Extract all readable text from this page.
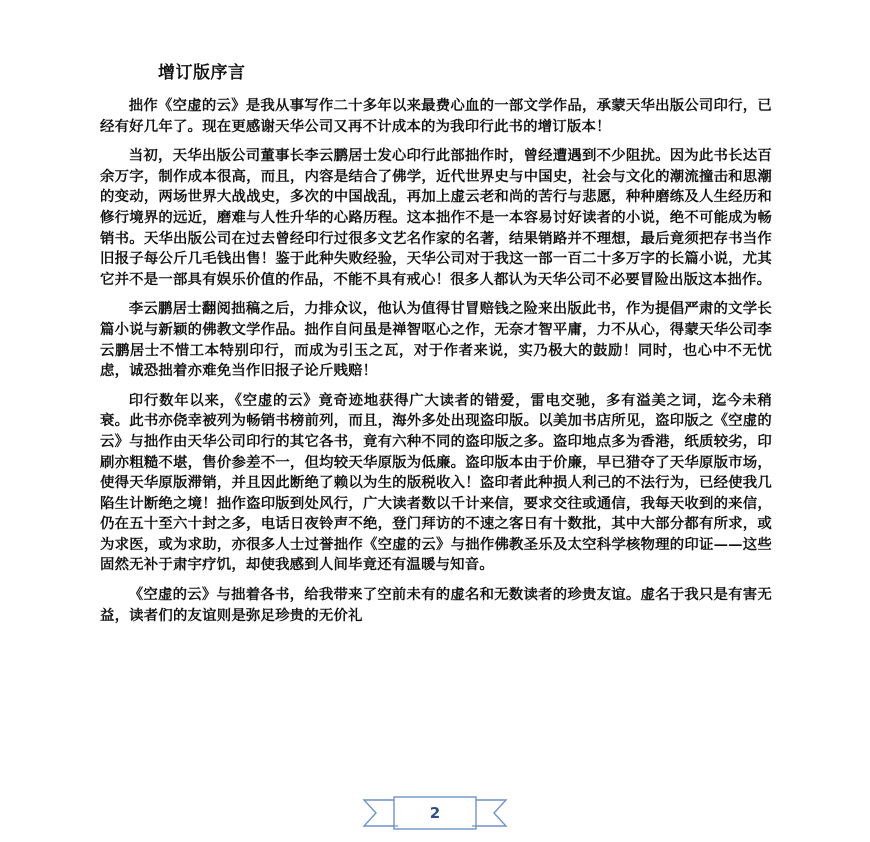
增订版序言

拙作《空虚的云》是我从事写作二十多年以来最费心血的一部文学作品，承蒙天华出版公司印行，已经有好几年了。现在更感谢天华公司又再不计成本的为我印行此书的增订版本！

当初，天华出版公司董事长李云鹏居士发心印行此部拙作时，曾经遭遇到不少阻扰。因为此书长达百余万字，制作成本很高，而且，内容是结合了佛学，近代世界史与中国史，社会与文化的潮流撞击和思潮的变动，两场世界大战战史，多次的中国战乱，再加上虚云老和尚的苦行与悲愿，种种磨练及人生经历和修行境界的远近，磨难与人性升华的心路历程。这本拙作不是一本容易讨好读者的小说，绝不可能成为畅销书。天华出版公司在过去曾经印行过很多文艺名作家的名著，结果销路并不理想，最后竟须把存书当作旧报子每公斤几毛钱出售！鉴于此种失败经验，天华公司对于我这一部一百二十多万字的长篇小说，尤其它并不是一部具有娱乐价值的作品，不能不具有戒心！很多人都认为天华公司不必要冒险出版这本拙作。

李云鹏居士翻阅拙稿之后，力排众议，他认为值得甘冒赔钱之险来出版此书，作为提倡严肃的文学长篇小说与新颖的佛教文学作品。拙作自问虽是禅智呕心之作，无奈才智平庸，力不从心，得蒙天华公司李云鹏居士不惜工本特别印行，而成为引玉之瓦，对于作者来说，实乃极大的鼓励！同时，也心中不无忧虑，诚恐拙着亦难免当作旧报子论斤贱赔！

印行数年以来，《空虚的云》竟奇迹地获得广大读者的错爱，雷电交驰，多有溢美之词，迄今未稍衰。此书亦侥幸被列为畅销书榜前列，而且，海外多处出现盗印版。以美加书店所见，盗印版之《空虚的云》与拙作由天华公司印行的其它各书，竟有六种不同的盗印版之多。盗印地点多为香港，纸质较劣，印刷亦粗糙不堪，售价参差不一，但均较天华原版为低廉。盗印版本由于价廉，早已猎夺了天华原版市场，使得天华原版滞销，并且因此断绝了赖以为生的版税收入！盗印者此种损人利己的不法行为，已经使我几陷生计断绝之境！拙作盗印版到处风行，广大读者数以千计来信，要求交往或通信，我每天收到的来信，仍在五十至六十封之多，电话日夜铃声不绝，登门拜访的不速之客日有十数批，其中大部分都有所求，或为求医，或为求助，亦很多人士过誉拙作《空虚的云》与拙作佛教圣乐及太空科学核物理的印证——这些固然无补于肃宇疗饥，却使我感到人间毕竟还有温暖与知音。

《空虚的云》与拙着各书，给我带来了空前未有的虚名和无数读者的珍贵友谊。虚名于我只是有害无益，读者们的友谊则是弥足珍贵的无价礼

2
